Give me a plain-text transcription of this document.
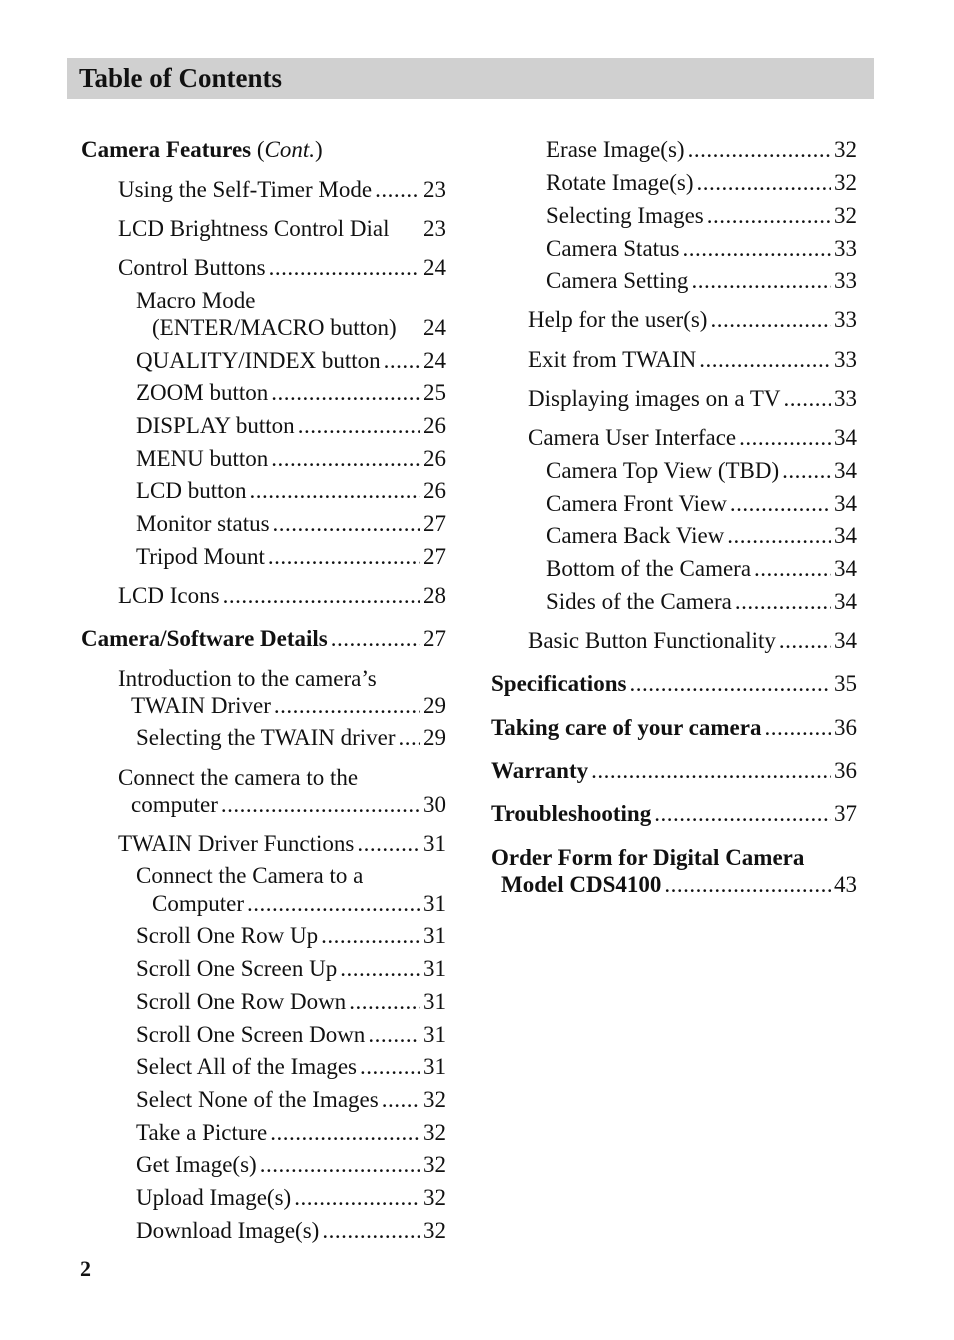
Table of Contents
Camera Features (Cont.)
Using the Self-Timer Mode ..... 23
LCD Brightness Control Dial 23
Control Buttons .....	24
Macro Mode
(ENTER/MACRO button) 24
QUALITY/INDEX button ..... 24
ZOOM button .....	25
DISPLAY button .....	26
MENU button .....	26
LCD button .....	26
Monitor status .....	27
Tripod Mount .....	27
LCD Icons .....	28
Camera/Software Details .....	27
Introduction to the camera’s
TWAIN Driver .....	29
Selecting the TWAIN driver ..... 29
Connect the camera to the
computer .....	30
TWAIN Driver Functions .....	31
Connect the Camera to a
Computer .....	31
Scroll One Row Up .....	31
Scroll One Screen Up .....	31
Scroll One Row Down .....	31
Scroll One Screen Down .....	31
Select All of the Images .....	31
Select None of the Images ..... 32
Take a Picture .....	32
Get Image(s) .....	32
Upload Image(s) .....	32
Download Image(s) .....	32
Erase Image(s) .....	32
Rotate Image(s) .....	32
Selecting Images .....	32
Camera Status .....	33
Camera Setting .....	33
Help for the user(s) .....	33
Exit from TWAIN .....	33
Displaying images on a TV ..... 33
Camera User Interface .....	34
Camera Top View (TBD) ..... 34
Camera Front View .....	34
Camera Back View .....	34
Bottom of the Camera .....	34
Sides of the Camera .....	34
Basic Button Functionality .....	34
Specifications .....	35
Taking care of your camera .....	36
Warranty .....	36
Troubleshooting .....	37
Order Form for Digital Camera
Model CDS4100 .....	43
2
